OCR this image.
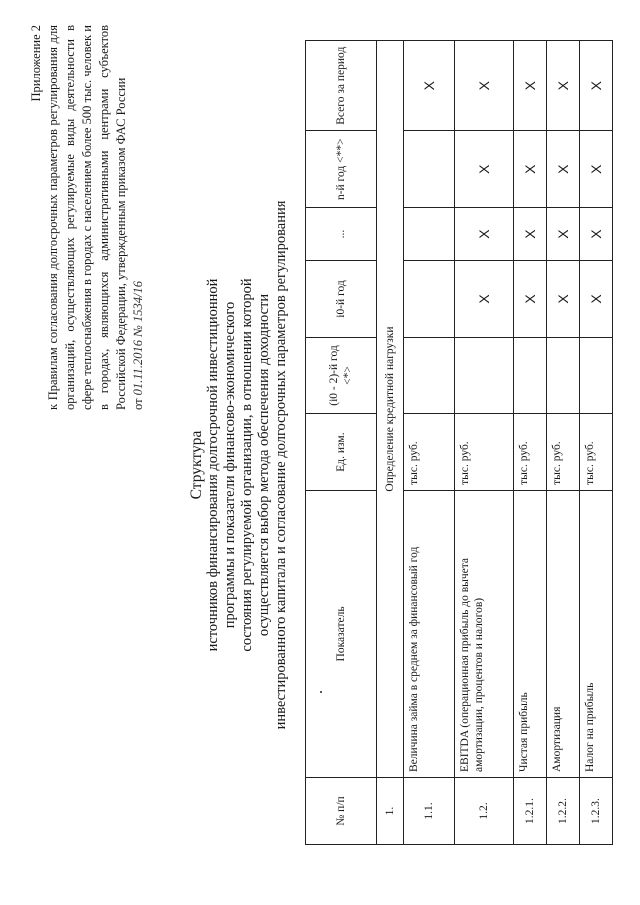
Приложение 2 к Правилам согласования долгосрочных параметров регулирования для организаций, осуществляющих регулируемые виды деятельности в сфере теплоснабжения в городах с населением более 500 тыс. человек и в городах, являющихся административными центрами субъектов Российской Федерации, утвержденным приказом ФАС России от 01.11.2016 № 1534/16
Структура источников финансирования долгосрочной инвестиционной программы и показатели финансово-экономического состояния регулируемой организации, в отношении которой осуществляется выбор метода обеспечения доходности инвестированного капитала и согласование долгосрочных параметров регулирования
№ п/п	Показатель	Ед. изм.	(i0 - 2)-й год <*>	i0-й год	...	n-й год <**>	Всего за период
1.	Определение кредитной нагрузки						
1.1.	Величина займа в среднем за финансовый год	тыс. руб.					X
1.2.	EBITDA (операционная прибыль до вычета амортизации, процентов и налогов)	тыс. руб.		X	X	X	X
1.2.1.	Чистая прибыль	тыс. руб.		X	X	X	X
1.2.2.	Амортизация	тыс. руб.		X	X	X	X
1.2.3.	Налог на прибыль	тыс. руб.		X	X	X	X
